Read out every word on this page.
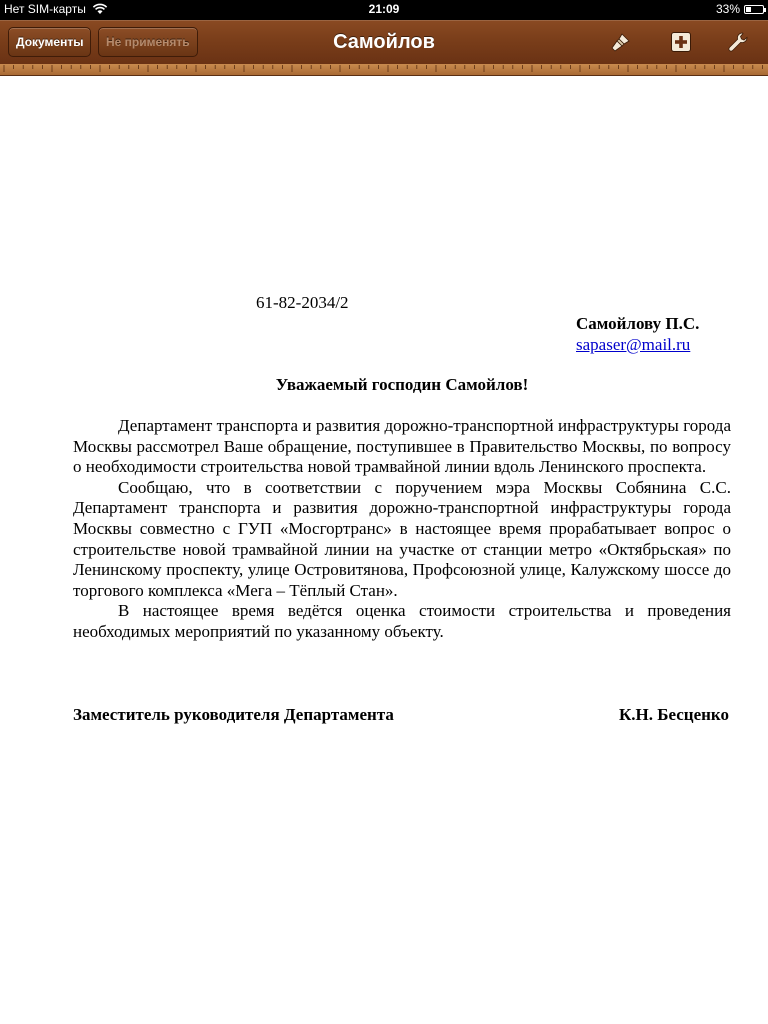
Нет SIM-карты	21:09	33%
Документы	Не применять	Самойлов
61-82-2034/2
Самойлову П.С.
sapaser@mail.ru
Уважаемый господин Самойлов!

Департамент транспорта и развития дорожно-транспортной инфраструктуры города Москвы рассмотрел Ваше обращение, поступившее в Правительство Москвы, по вопросу о необходимости строительства новой трамвайной линии вдоль Ленинского проспекта.

Сообщаю, что в соответствии с поручением мэра Москвы Собянина С.С. Департамент транспорта и развития дорожно-транспортной инфраструктуры города Москвы совместно с ГУП «Мосгортранс» в настоящее время прорабатывает вопрос о строительстве новой трамвайной линии на участке от станции метро «Октябрьская» по Ленинскому проспекту, улице Островитянова, Профсоюзной улице, Калужскому шоссе до торгового комплекса «Мега – Тёплый Стан».

В настоящее время ведётся оценка стоимости строительства и проведения необходимых мероприятий по указанному объекту.

Заместитель руководителя Департамента	К.Н. Бесценко
